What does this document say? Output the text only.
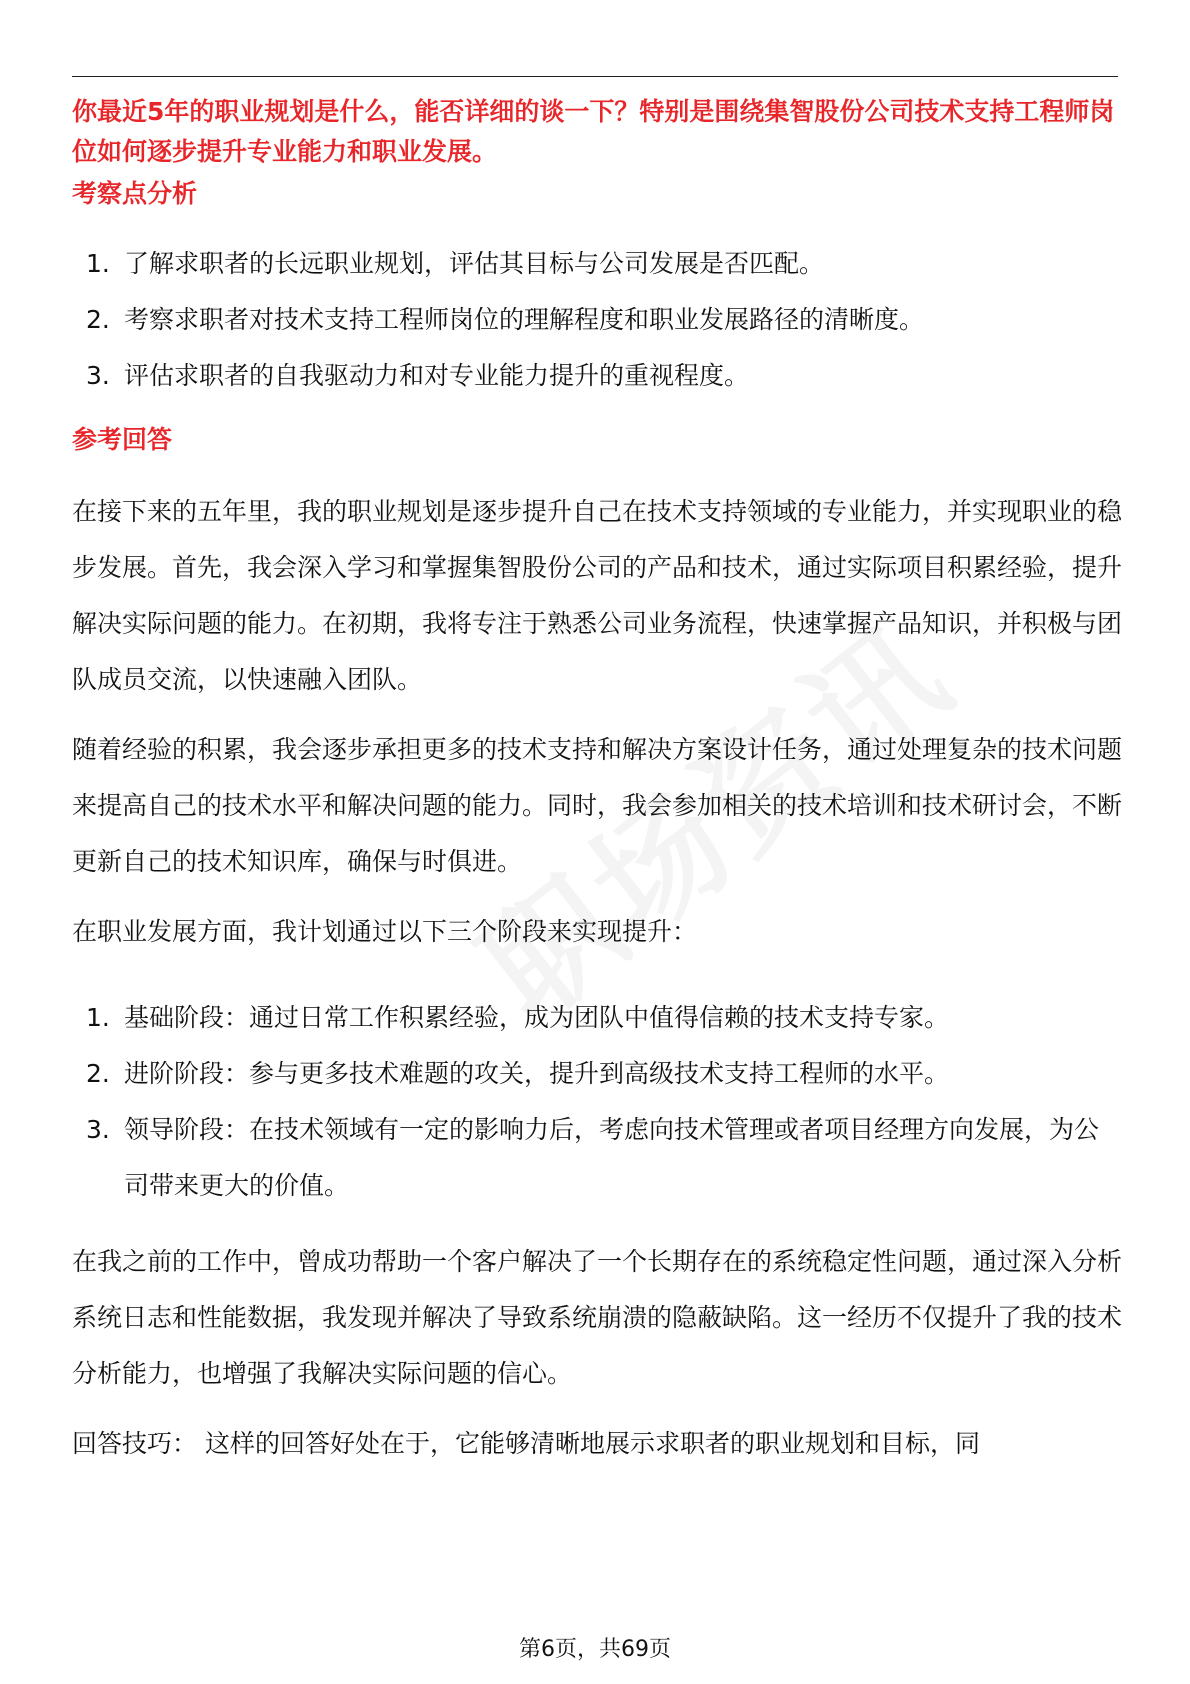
你最近5年的职业规划是什么，能否详细的谈一下？特别是围绕集智股份公司技术支持工程师岗位如何逐步提升专业能力和职业发展。
考察点分析
1. 了解求职者的长远职业规划，评估其目标与公司发展是否匹配。
2. 考察求职者对技术支持工程师岗位的理解程度和职业发展路径的清晰度。
3. 评估求职者的自我驱动力和对专业能力提升的重视程度。
参考回答
在接下来的五年里，我的职业规划是逐步提升自己在技术支持领域的专业能力，并实现职业的稳步发展。首先，我会深入学习和掌握集智股份公司的产品和技术，通过实际项目积累经验，提升解决实际问题的能力。在初期，我将专注于熟悉公司业务流程，快速掌握产品知识，并积极与团队成员交流，以快速融入团队。
随着经验的积累，我会逐步承担更多的技术支持和解决方案设计任务，通过处理复杂的技术问题来提高自己的技术水平和解决问题的能力。同时，我会参加相关的技术培训和技术研讨会，不断更新自己的技术知识库，确保与时俱进。
在职业发展方面，我计划通过以下三个阶段来实现提升：
1. 基础阶段：通过日常工作积累经验，成为团队中值得信赖的技术支持专家。
2. 进阶阶段：参与更多技术难题的攻关，提升到高级技术支持工程师的水平。
3. 领导阶段：在技术领域有一定的影响力后，考虑向技术管理或者项目经理方向发展，为公司带来更大的价值。
在我之前的工作中，曾成功帮助一个客户解决了一个长期存在的系统稳定性问题，通过深入分析系统日志和性能数据，我发现并解决了导致系统崩溃的隐蔽缺陷。这一经历不仅提升了我的技术分析能力，也增强了我解决实际问题的信心。
回答技巧： 这样的回答好处在于，它能够清晰地展示求职者的职业规划和目标，同
第6页，共69页
